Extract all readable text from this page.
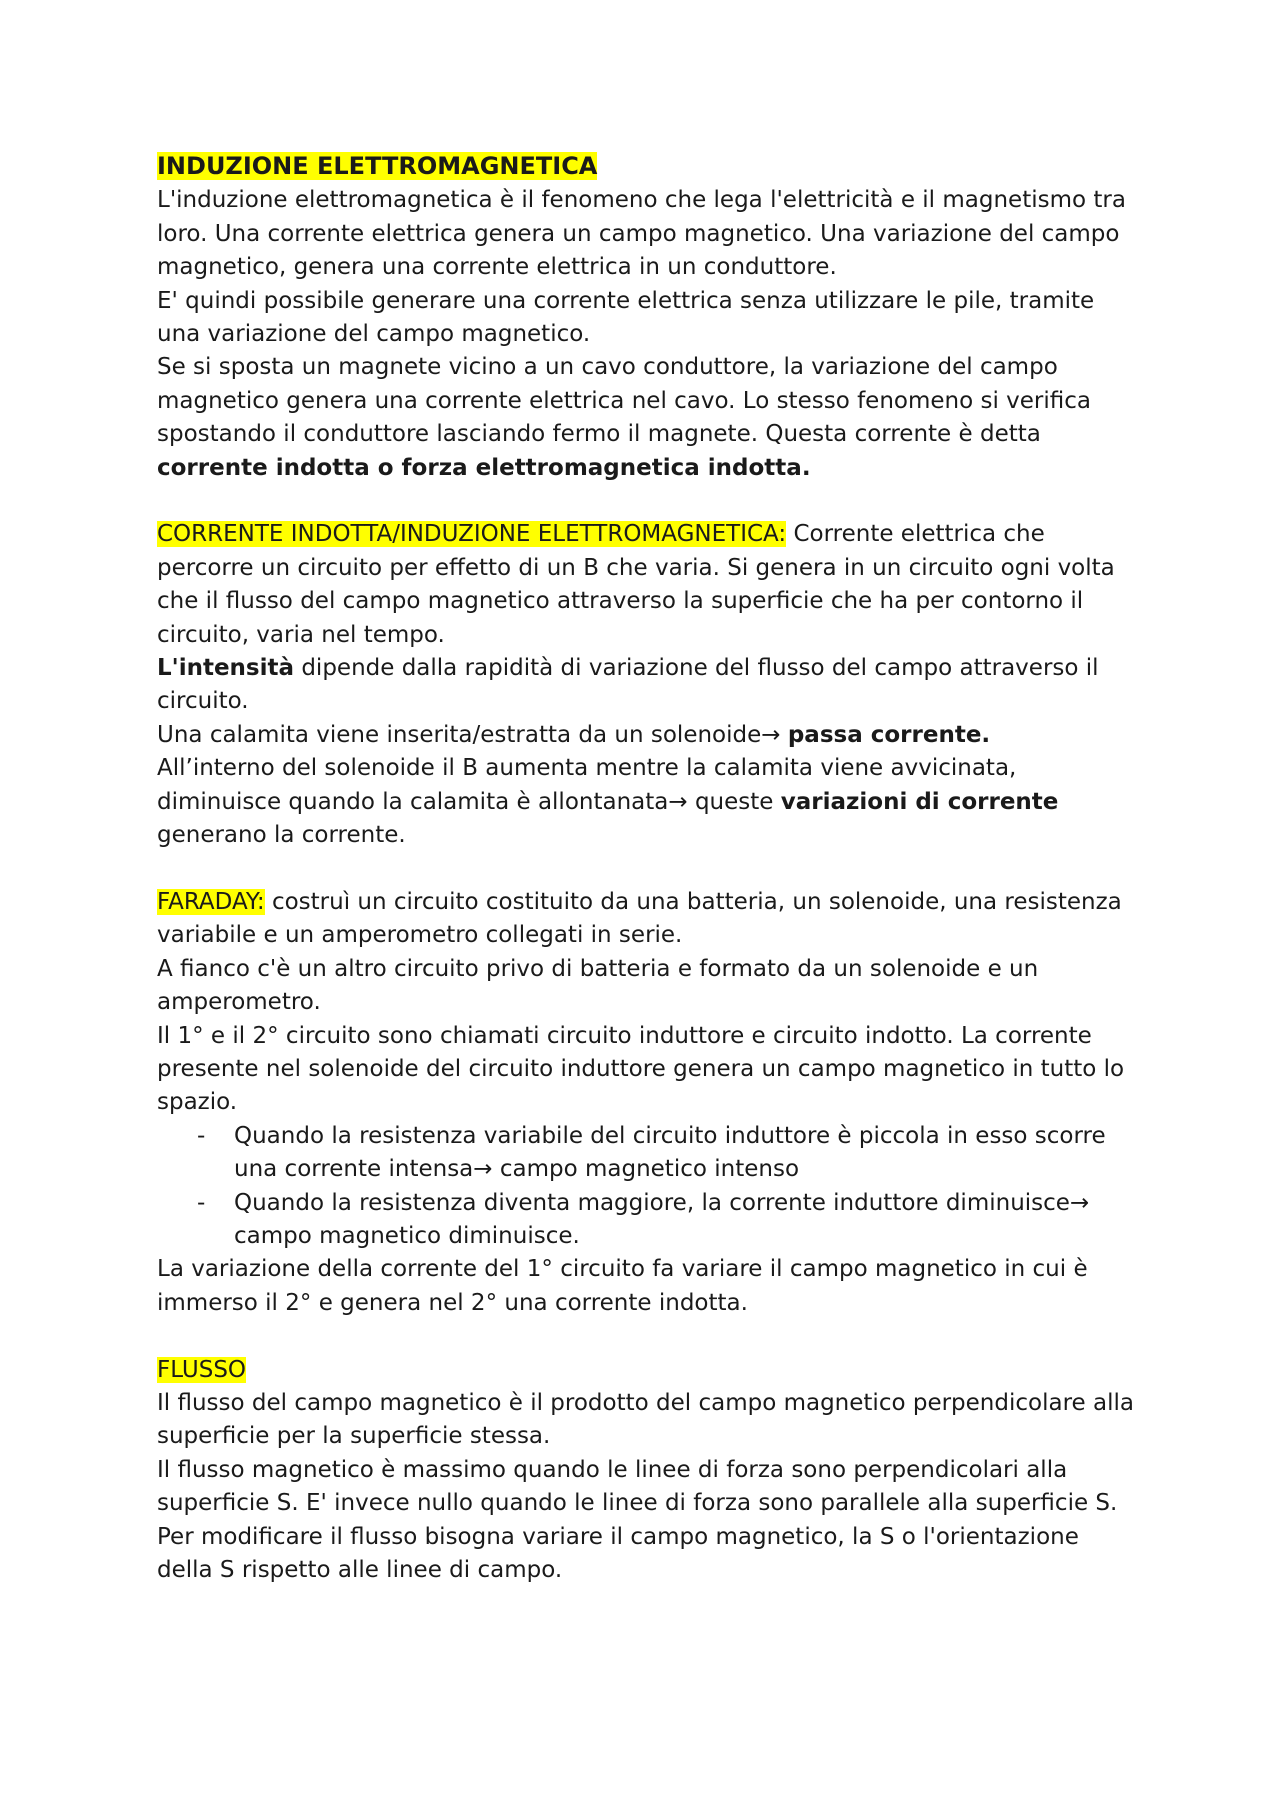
INDUZIONE ELETTROMAGNETICA

L'induzione elettromagnetica è il fenomeno che lega l'elettricità e il magnetismo tra loro. Una corrente elettrica genera un campo magnetico. Una variazione del campo magnetico, genera una corrente elettrica in un conduttore.

E' quindi possibile generare una corrente elettrica senza utilizzare le pile, tramite una variazione del campo magnetico.

Se si sposta un magnete vicino a un cavo conduttore, la variazione del campo magnetico genera una corrente elettrica nel cavo. Lo stesso fenomeno si verifica spostando il conduttore lasciando fermo il magnete. Questa corrente è detta corrente indotta o forza elettromagnetica indotta.

CORRENTE INDOTTA/INDUZIONE ELETTROMAGNETICA: Corrente elettrica che percorre un circuito per effetto di un B che varia. Si genera in un circuito ogni volta che il flusso del campo magnetico attraverso la superficie che ha per contorno il circuito, varia nel tempo.

L'intensità dipende dalla rapidità di variazione del flusso del campo attraverso il circuito.

Una calamita viene inserita/estratta da un solenoide→ passa corrente.

All’interno del solenoide il B aumenta mentre la calamita viene avvicinata, diminuisce quando la calamita è allontanata→ queste variazioni di corrente
generano la corrente.

FARADAY: costruì un circuito costituito da una batteria, un solenoide, una resistenza variabile e un amperometro collegati in serie.

A fianco c'è un altro circuito privo di batteria e formato da un solenoide e un amperometro.

Il 1° e il 2° circuito sono chiamati circuito induttore e circuito indotto. La corrente presente nel solenoide del circuito induttore genera un campo magnetico in tutto lo spazio.

- Quando la resistenza variabile del circuito induttore è piccola in esso scorre una corrente intensa→ campo magnetico intenso
- Quando la resistenza diventa maggiore, la corrente induttore diminuisce→ campo magnetico diminuisce.

La variazione della corrente del 1° circuito fa variare il campo magnetico in cui è immerso il 2° e genera nel 2° una corrente indotta.

FLUSSO

Il flusso del campo magnetico è il prodotto del campo magnetico perpendicolare alla superficie per la superficie stessa.

Il flusso magnetico è massimo quando le linee di forza sono perpendicolari alla superficie S. E' invece nullo quando le linee di forza sono parallele alla superficie S. Per modificare il flusso bisogna variare il campo magnetico, la S o l'orientazione della S rispetto alle linee di campo.
